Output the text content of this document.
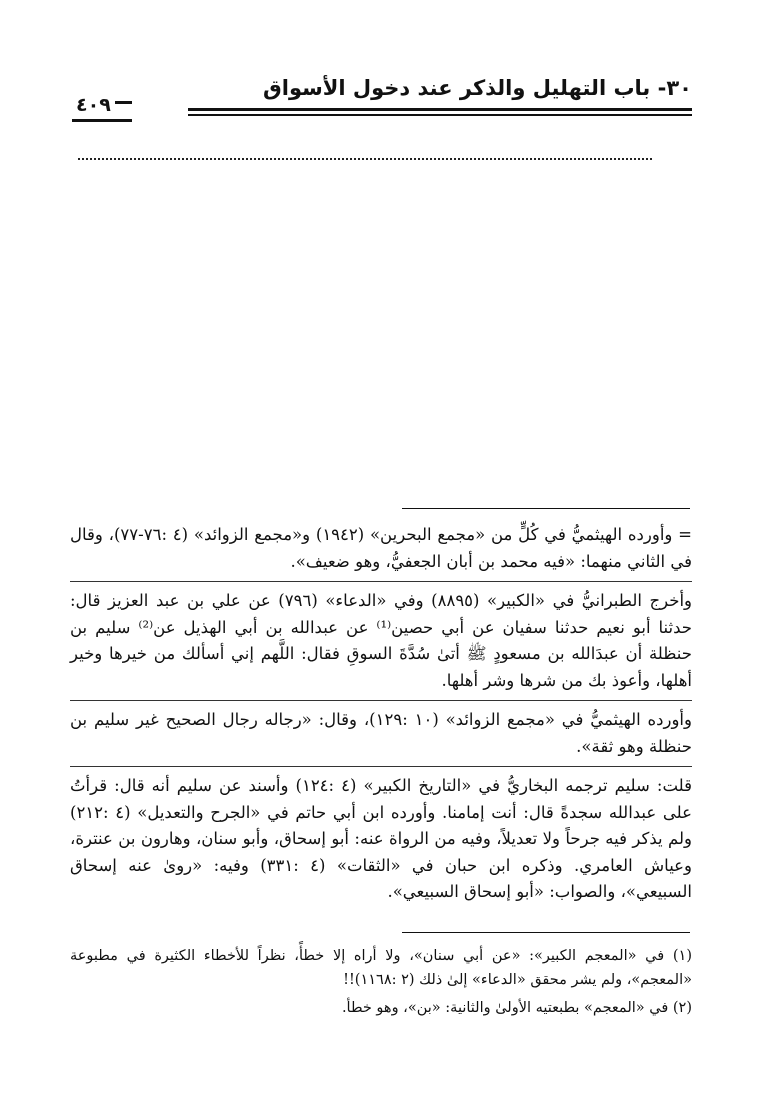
٣٠- باب التهليل والذكر عند دخول الأسواق
٤٠٩

= وأورده الهيثميُّ في كُلٍّ من «مجمع البحرين» (١٩٤٢) و«مجمع الزوائد» (٤ :٧٦-٧٧)، وقال في الثاني منهما: «فيه محمد بن أبان الجعفيُّ، وهو ضعيف».

وأخرج الطبرانيُّ في «الكبير» (٨٨٩٥) وفي «الدعاء» (٧٩٦) عن علي بن عبد العزيز قال: حدثنا أبو نعيم حدثنا سفيان عن أبي حصين⁽¹⁾ عن عبدالله بن أبي الهذيل عن⁽²⁾ سليم بن حنظلة أن عبدَالله بن مسعودٍ ﷺ أتىٰ سُدَّةَ السوقِ فقال: اللَّهم إني أسألك من خيرها وخير أهلها، وأعوذ بك من شرها وشر أهلها.

وأورده الهيثميُّ في «مجمع الزوائد» (١٠ :١٢٩)، وقال: «رجاله رجال الصحيح غير سليم بن حنظلة وهو ثقة».

قلت: سليم ترجمه البخاريُّ في «التاريخ الكبير» (٤ :١٢٤) وأسند عن سليم أنه قال: قرأتُ على عبدالله سجدةً قال: أنت إمامنا. وأورده ابن أبي حاتم في «الجرح والتعديل» (٤ :٢١٢) ولم يذكر فيه جرحاً ولا تعديلاً، وفيه من الرواة عنه: أبو إسحاق، وأبو سنان، وهارون بن عنترة، وعياش العامري. وذكره ابن حبان في «الثقات» (٤ :٣٣١) وفيه: «روىٰ عنه إسحاق السبيعي»، والصواب: «أبو إسحاق السبيعي».

(١) في «المعجم الكبير»: «عن أبي سنان»، ولا أراه إلا خطأً، نظراً للأخطاء الكثيرة في مطبوعة «المعجم»، ولم يشر محقق «الدعاء» إلىٰ ذلك (٢ :١١٦٨)!!

(٢) في «المعجم» بطبعتيه الأولىٰ والثانية: «بن»، وهو خطأ.
